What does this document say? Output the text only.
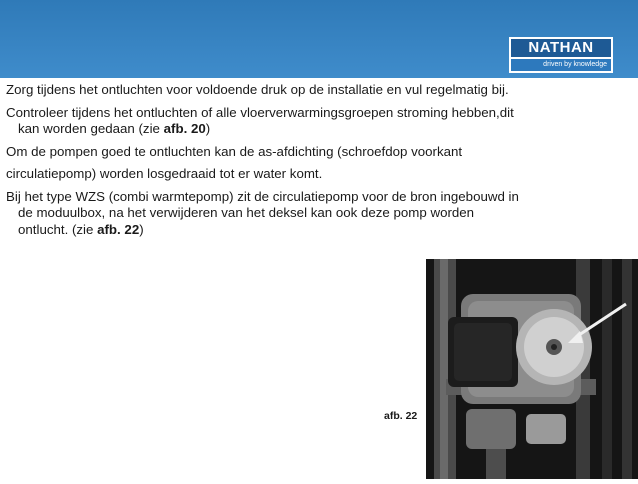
NATHAN
driven by knowledge

Zorg tijdens het ontluchten voor voldoende druk op de installatie en vul regelmatig bij.

Controleer tijdens het ontluchten of alle vloerverwarmingsgroepen stroming hebben,dit kan worden gedaan (zie afb. 20)

Om de pompen goed te ontluchten kan de as-afdichting (schroefdop voorkant

circulatiepomp) worden losgedraaid tot er water komt.

Bij het type WZS (combi warmtepomp) zit de circulatiepomp voor de bron ingebouwd in de moduulbox, na het verwijderen van het deksel kan ook deze pomp worden ontlucht. (zie afb. 22)

afb. 22
